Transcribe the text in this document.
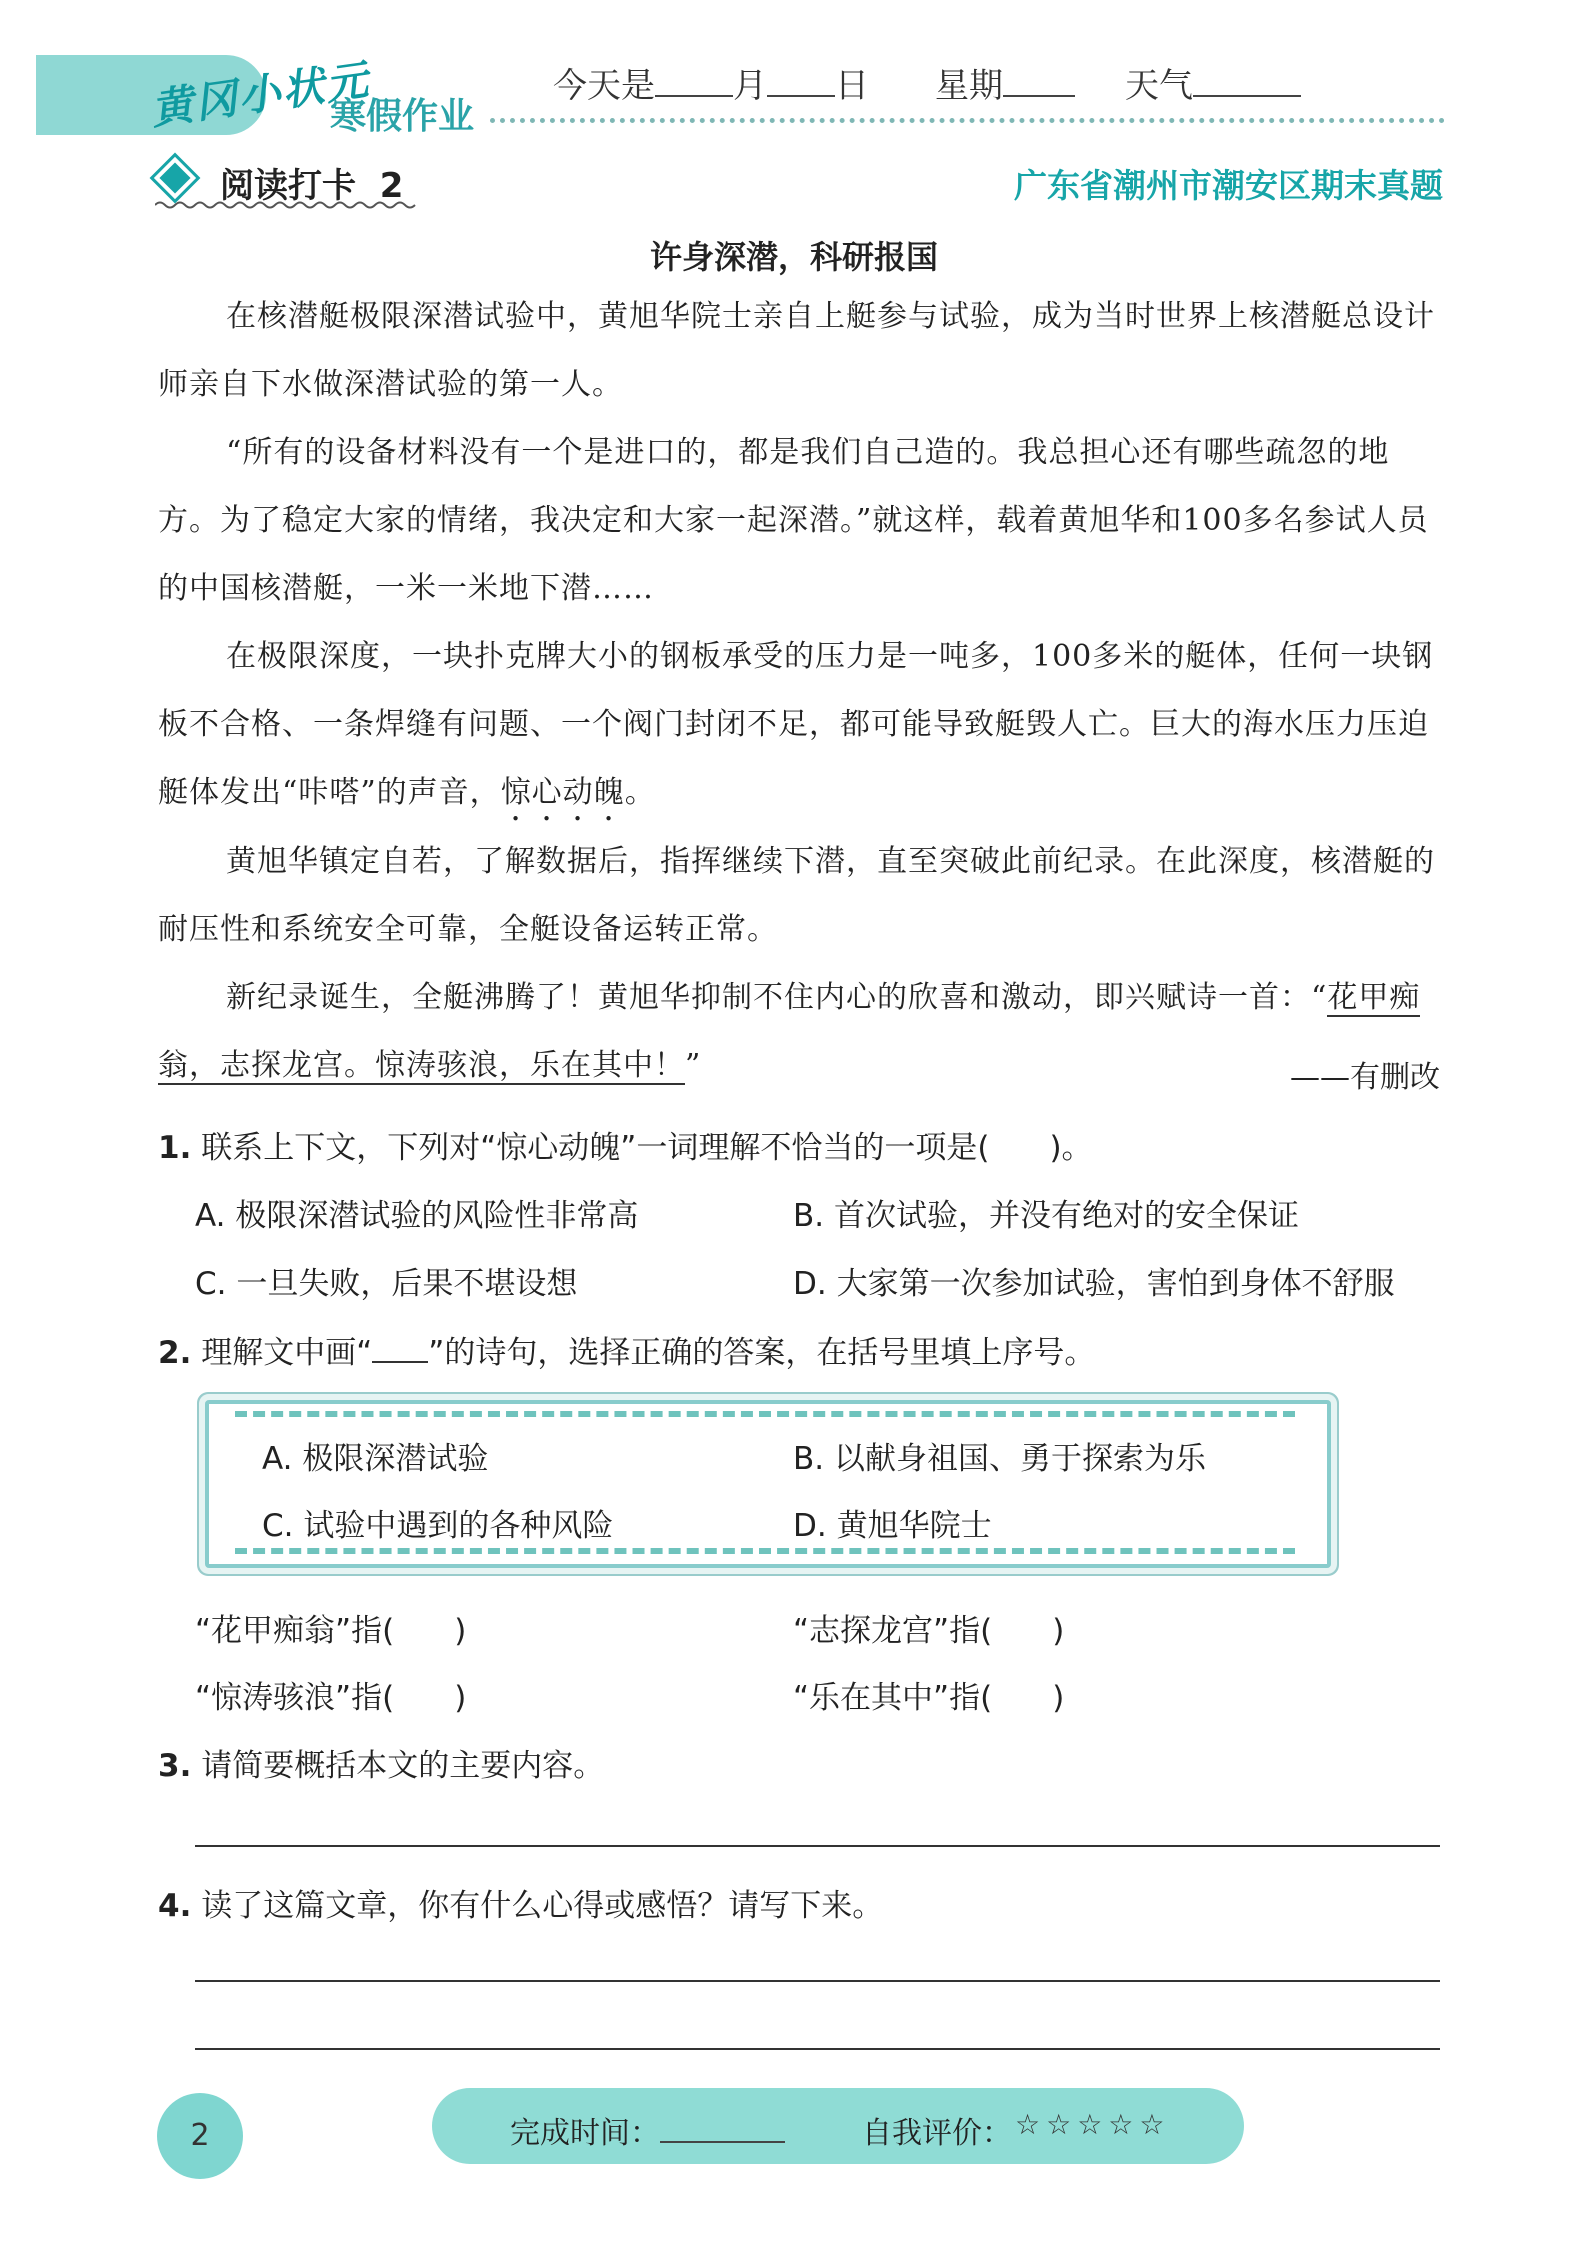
黄冈小状元
寒假作业
今天是 月 日 星期	天气
阅读打卡 2	广东省潮州市潮安区期末真题
许身深潜，科研报国
在核潜艇极限深潜试验中，黄旭华院士亲自上艇参与试验，成为当时世界上核潜艇总设计师亲自下水做深潜试验的第一人。
“所有的设备材料没有一个是进口的，都是我们自己造的。我总担心还有哪些疏忽的地方。为了稳定大家的情绪，我决定和大家一起深潜。”就这样，载着黄旭华和100多名参试人员的中国核潜艇，一米一米地下潜……
在极限深度，一块扑克牌大小的钢板承受的压力是一吨多，100多米的艇体，任何一块钢板不合格、一条焊缝有问题、一个阀门封闭不足，都可能导致艇毁人亡。巨大的海水压力压迫艇体发出“咔嗒”的声音，惊心动魄。
黄旭华镇定自若，了解数据后，指挥继续下潜，直至突破此前纪录。在此深度，核潜艇的耐压性和系统安全可靠，全艇设备运转正常。
新纪录诞生，全艇沸腾了！黄旭华抑制不住内心的欣喜和激动，即兴赋诗一首：“花甲痴翁，志探龙宫。惊涛骇浪，乐在其中！”	——有删改
1. 联系上下文，下列对“惊心动魄”一词理解不恰当的一项是( )。
A. 极限深潜试验的风险性非常高	B. 首次试验，并没有绝对的安全保证
C. 一旦失败，后果不堪设想	D. 大家第一次参加试验，害怕到身体不舒服
2. 理解文中画“ ”的诗句，选择正确的答案，在括号里填上序号。
A. 极限深潜试验	B. 以献身祖国、勇于探索为乐
C. 试验中遇到的各种风险	D. 黄旭华院士
“花甲痴翁”指( )	“志探龙宫”指( )
“惊涛骇浪”指( )	“乐在其中”指( )
3. 请简要概括本文的主要内容。
4. 读了这篇文章，你有什么心得或感悟？请写下来。
2	完成时间：	自我评价： ☆☆☆☆☆
